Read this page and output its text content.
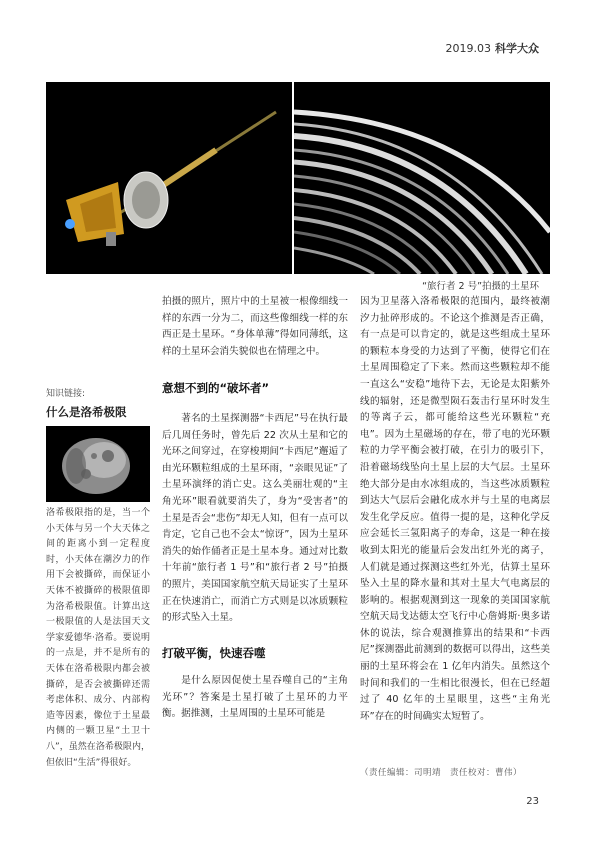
2019.03 科学大众
“旅行者 2 号”拍摄的土星环
知识链接:
什么是洛希极限
洛希极限指的是，当一个小天体与另一个大天体之间的距离小到一定程度时，小天体在潮汐力的作用下会被撕碎，而保证小天体不被撕碎的极限值即为洛希极限值。计算出这一极限值的人是法国天文学家爱德华·洛希。要说明的一点是，并不是所有的天体在洛希极限内都会被撕碎，是否会被撕碎还需考虑体积、成分、内部构造等因素，像位于土星最内侧的一颗卫星“土卫十八”，虽然在洛希极限内，但依旧“生活”得很好。

拍摄的照片，照片中的土星被一根像细线一样的东西一分为二，而这些像细线一样的东西正是土星环。“身体单薄”得如同薄纸，这样的土星环会消失貌似也在情理之中。

意想不到的“破坏者”

著名的土星探测器“卡西尼”号在执行最后几周任务时，曾先后 22 次从土星和它的光环之间穿过，在穿梭期间“卡西尼”邂逅了由光环颗粒组成的土星环雨，“亲眼见证”了土星环演绎的消亡史。这么美丽壮观的“主角光环”眼看就要消失了，身为“受害者”的土星是否会“悲伤”却无人知，但有一点可以肯定，它自己也不会太“惊讶”，因为土星环消失的始作俑者正是土星本身。通过对比数十年前“旅行者 1 号”和“旅行者 2 号”拍摄的照片，美国国家航空航天局证实了土星环正在快速消亡，而消亡方式则是以冰质颗粒的形式坠入土星。

打破平衡，快速吞噬

是什么原因促使土星吞噬自己的“主角光环”？答案是土星打破了土星环的力平衡。据推测，土星周围的土星环可能是

因为卫星落入洛希极限的范围内，最终被潮汐力扯碎形成的。不论这个推测是否正确，有一点是可以肯定的，就是这些组成土星环的颗粒本身受的力达到了平衡，使得它们在土星周围稳定了下来。然而这些颗粒却不能一直这么“安稳”地待下去，无论是太阳紫外线的辐射，还是微型陨石轰击行星环时发生的等离子云，都可能给这些光环颗粒“充电”。因为土星磁场的存在，带了电的光环颗粒的力学平衡会被打破，在引力的吸引下，沿着磁场线坠向土星上层的大气层。土星环绝大部分是由水冰组成的，当这些冰质颗粒到达大气层后会融化成水并与土星的电离层发生化学反应。值得一提的是，这种化学反应会延长三氢阳离子的寿命，这是一种在接收到太阳光的能量后会发出红外光的离子，人们就是通过探测这些红外光，估算土星环坠入土星的降水量和其对土星大气电离层的影响的。根据观测到这一现象的美国国家航空航天局戈达德太空飞行中心詹姆斯·奥多诺休的说法，综合观测推算出的结果和“卡西尼”探测器此前测到的数据可以得出，这些美丽的土星环将会在 1 亿年内消失。虽然这个时间和我们的一生相比很漫长，但在已经超过了 40 亿年的土星眼里，这些“主角光环”存在的时间确实太短暂了。

（责任编辑：司明靖　责任校对：曹伟）
23
